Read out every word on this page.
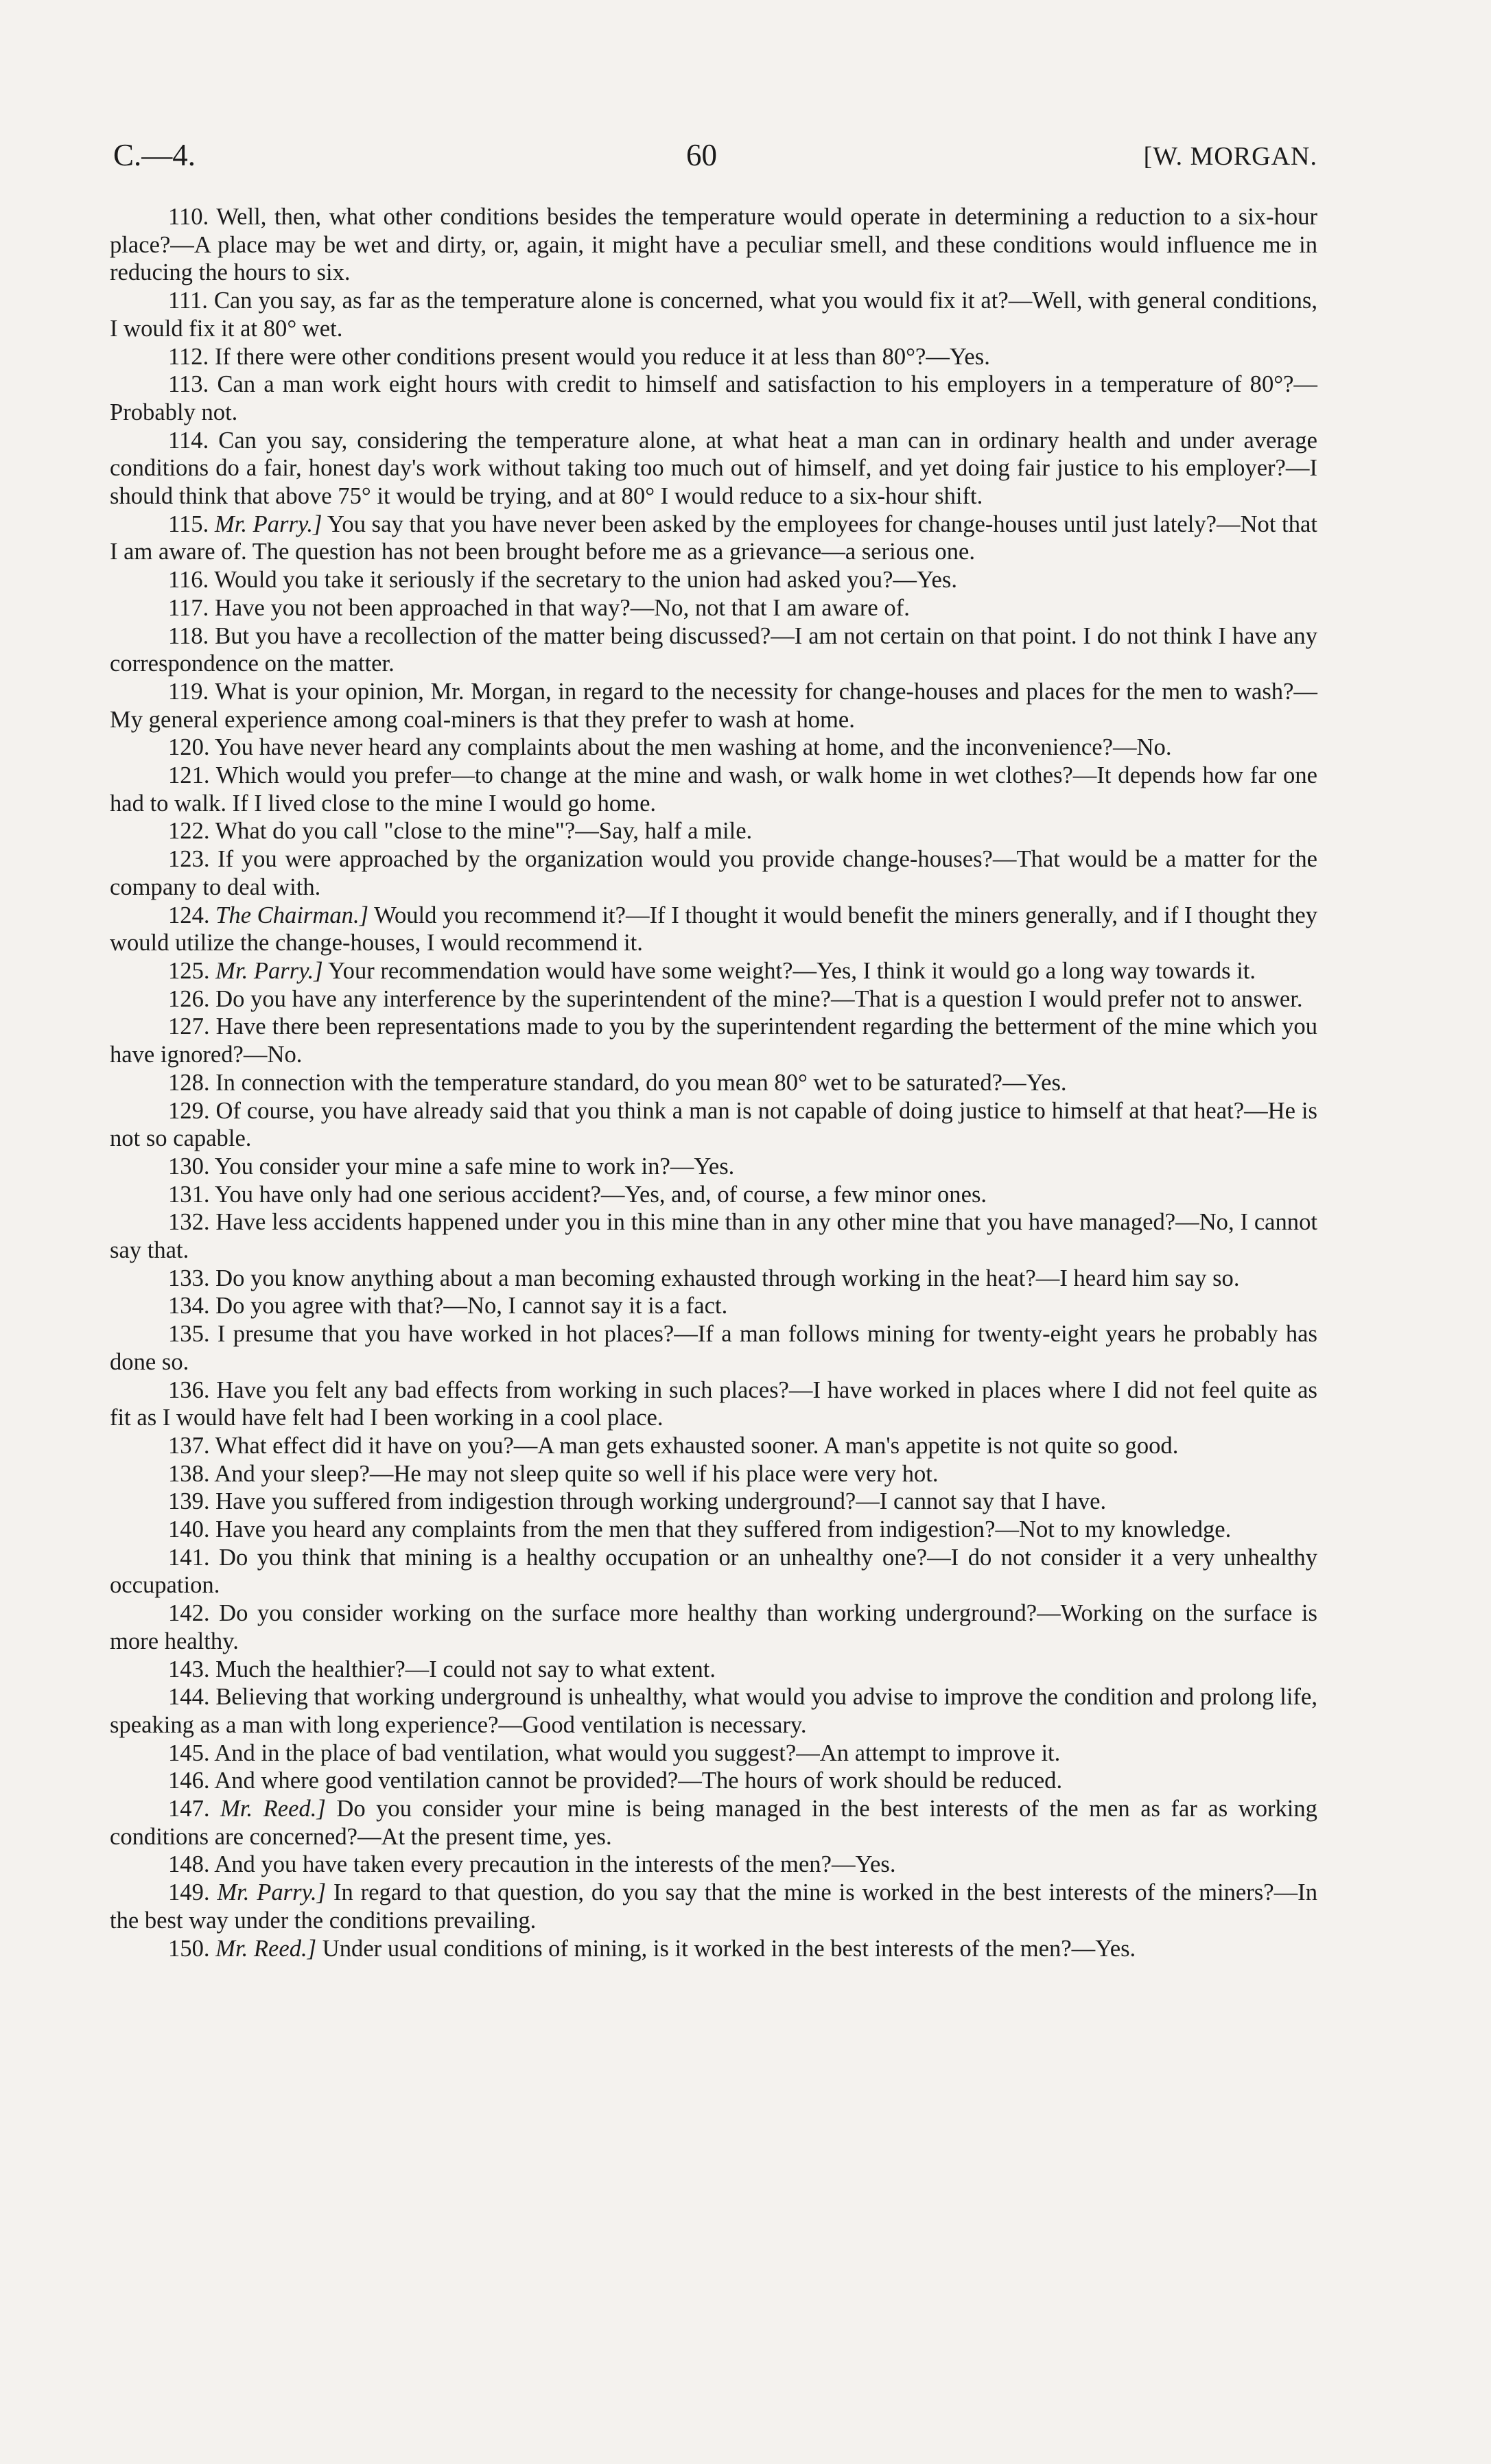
C.—4.	60	[W. MORGAN.

110. Well, then, what other conditions besides the temperature would operate in determining a reduction to a six-hour place?—A place may be wet and dirty, or, again, it might have a peculiar smell, and these conditions would influence me in reducing the hours to six.

111. Can you say, as far as the temperature alone is concerned, what you would fix it at?—Well, with general conditions, I would fix it at 80° wet.

112. If there were other conditions present would you reduce it at less than 80°?—Yes.

113. Can a man work eight hours with credit to himself and satisfaction to his employers in a temperature of 80°?—Probably not.

114. Can you say, considering the temperature alone, at what heat a man can in ordinary health and under average conditions do a fair, honest day's work without taking too much out of himself, and yet doing fair justice to his employer?—I should think that above 75° it would be trying, and at 80° I would reduce to a six-hour shift.

115. Mr. Parry.] You say that you have never been asked by the employees for change-houses until just lately?—Not that I am aware of. The question has not been brought before me as a grievance—a serious one.

116. Would you take it seriously if the secretary to the union had asked you?—Yes.

117. Have you not been approached in that way?—No, not that I am aware of.

118. But you have a recollection of the matter being discussed?—I am not certain on that point. I do not think I have any correspondence on the matter.

119. What is your opinion, Mr. Morgan, in regard to the necessity for change-houses and places for the men to wash?—My general experience among coal-miners is that they prefer to wash at home.

120. You have never heard any complaints about the men washing at home, and the inconvenience?—No.

121. Which would you prefer—to change at the mine and wash, or walk home in wet clothes?—It depends how far one had to walk. If I lived close to the mine I would go home.

122. What do you call "close to the mine"?—Say, half a mile.

123. If you were approached by the organization would you provide change-houses?—That would be a matter for the company to deal with.

124. The Chairman.] Would you recommend it?—If I thought it would benefit the miners generally, and if I thought they would utilize the change-houses, I would recommend it.

125. Mr. Parry.] Your recommendation would have some weight?—Yes, I think it would go a long way towards it.

126. Do you have any interference by the superintendent of the mine?—That is a question I would prefer not to answer.

127. Have there been representations made to you by the superintendent regarding the betterment of the mine which you have ignored?—No.

128. In connection with the temperature standard, do you mean 80° wet to be saturated?—Yes.

129. Of course, you have already said that you think a man is not capable of doing justice to himself at that heat?—He is not so capable.

130. You consider your mine a safe mine to work in?—Yes.

131. You have only had one serious accident?—Yes, and, of course, a few minor ones.

132. Have less accidents happened under you in this mine than in any other mine that you have managed?—No, I cannot say that.

133. Do you know anything about a man becoming exhausted through working in the heat?—I heard him say so.

134. Do you agree with that?—No, I cannot say it is a fact.

135. I presume that you have worked in hot places?—If a man follows mining for twenty-eight years he probably has done so.

136. Have you felt any bad effects from working in such places?—I have worked in places where I did not feel quite as fit as I would have felt had I been working in a cool place.

137. What effect did it have on you?—A man gets exhausted sooner. A man's appetite is not quite so good.

138. And your sleep?—He may not sleep quite so well if his place were very hot.

139. Have you suffered from indigestion through working underground?—I cannot say that I have.

140. Have you heard any complaints from the men that they suffered from indigestion?—Not to my knowledge.

141. Do you think that mining is a healthy occupation or an unhealthy one?—I do not consider it a very unhealthy occupation.

142. Do you consider working on the surface more healthy than working underground?—Working on the surface is more healthy.

143. Much the healthier?—I could not say to what extent.

144. Believing that working underground is unhealthy, what would you advise to improve the condition and prolong life, speaking as a man with long experience?—Good ventilation is necessary.

145. And in the place of bad ventilation, what would you suggest?—An attempt to improve it.

146. And where good ventilation cannot be provided?—The hours of work should be reduced.

147. Mr. Reed.] Do you consider your mine is being managed in the best interests of the men as far as working conditions are concerned?—At the present time, yes.

148. And you have taken every precaution in the interests of the men?—Yes.

149. Mr. Parry.] In regard to that question, do you say that the mine is worked in the best interests of the miners?—In the best way under the conditions prevailing.

150. Mr. Reed.] Under usual conditions of mining, is it worked in the best interests of the men?—Yes.
